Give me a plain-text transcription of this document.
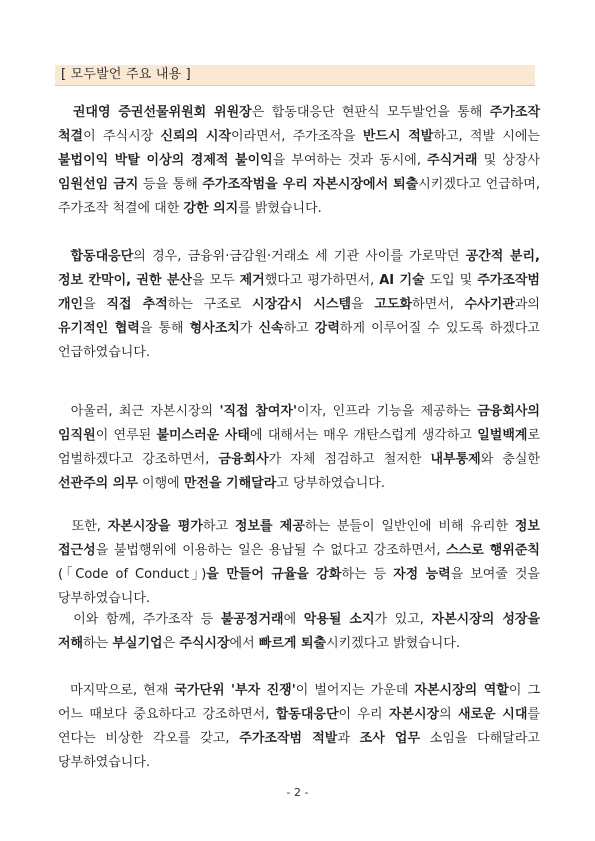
[ 모두발언 주요 내용 ]

권대영 증권선물위원회 위원장은 합동대응단 현판식 모두발언을 통해 주가조작 척결이 주식시장 신뢰의 시작이라면서, 주가조작을 반드시 적발하고, 적발 시에는 불법이익 박탈 이상의 경제적 불이익을 부여하는 것과 동시에, 주식거래 및 상장사 임원선임 금지 등을 통해 주가조작범을 우리 자본시장에서 퇴출시키겠다고 언급하며, 주가조작 척결에 대한 강한 의지를 밝혔습니다.

합동대응단의 경우, 금융위·금감원·거래소 세 기관 사이를 가로막던 공간적 분리, 정보 칸막이, 권한 분산을 모두 제거했다고 평가하면서, AI 기술 도입 및 주가조작범 개인을 직접 추적하는 구조로 시장감시 시스템을 고도화하면서, 수사기관과의 유기적인 협력을 통해 형사조치가 신속하고 강력하게 이루어질 수 있도록 하겠다고 언급하였습니다.

아울러, 최근 자본시장의 '직접 참여자'이자, 인프라 기능을 제공하는 금융회사의 임직원이 연루된 불미스러운 사태에 대해서는 매우 개탄스럽게 생각하고 일벌백계로 엄벌하겠다고 강조하면서, 금융회사가 자체 점검하고 철저한 내부통제와 충실한 선관주의 의무 이행에 만전을 기해달라고 당부하였습니다.

또한, 자본시장을 평가하고 정보를 제공하는 분들이 일반인에 비해 유리한 정보 접근성을 불법행위에 이용하는 일은 용납될 수 없다고 강조하면서, 스스로 행위준칙(「Code of Conduct」)을 만들어 규율을 강화하는 등 자정 능력을 보여줄 것을 당부하였습니다.

이와 함께, 주가조작 등 불공정거래에 악용될 소지가 있고, 자본시장의 성장을 저해하는 부실기업은 주식시장에서 빠르게 퇴출시키겠다고 밝혔습니다.

마지막으로, 현재 국가단위 '부자 진쟁'이 벌어지는 가운데 자본시장의 역할이 그 어느 때보다 중요하다고 강조하면서, 합동대응단이 우리 자본시장의 새로운 시대를 연다는 비상한 각오를 갖고, 주가조작범 적발과 조사 업무 소임을 다해달라고 당부하였습니다.

- 2 -
